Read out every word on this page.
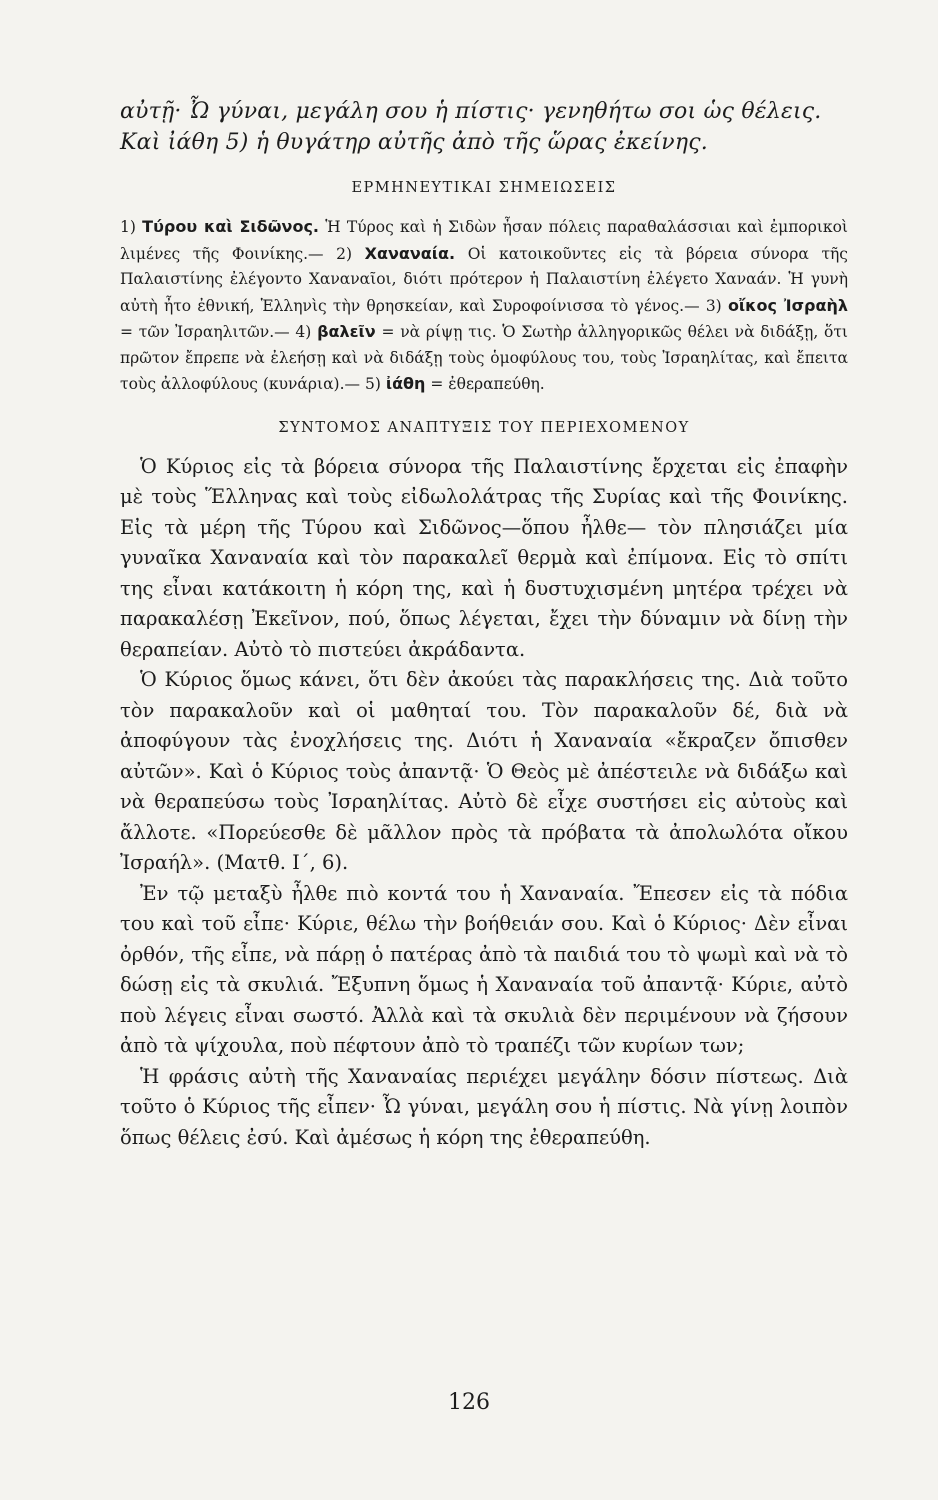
αὐτῇ· Ὦ γύναι, μεγάλη σου ἡ πίστις· γενηθήτω σοι ὡς θέλεις.

Καὶ ἰάθη 5) ἡ θυγάτηρ αὐτῆς ἀπὸ τῆς ὥρας ἐκείνης.

ΕΡΜΗΝΕΥΤΙΚΑΙ ΣΗΜΕΙΩΣΕΙΣ

1) Τύρου καὶ Σιδῶνος. Ἡ Τύρος καὶ ἡ Σιδὼν ἦσαν πόλεις παραθαλάσσιαι καὶ ἐμπορικοὶ λιμένες τῆς Φοινίκης.— 2) Χαναναία. Οἱ κατοικοῦντες εἰς τὰ βόρεια σύνορα τῆς Παλαιστίνης ἐλέγοντο Χαναναῖοι, διότι πρότερον ἡ Παλαιστίνη ἐλέγετο Χαναάν. Ἡ γυνὴ αὐτὴ ἦτο ἐθνική, Ἑλληνὶς τὴν θρησκείαν, καὶ Συροφοίνισσα τὸ γένος.— 3) οἴκος Ἰσραὴλ = τῶν Ἰσραηλιτῶν.— 4) βαλεῖν = νὰ ρίψῃ τις. Ὁ Σωτὴρ ἀλληγορικῶς θέλει νὰ διδάξῃ, ὅτι πρῶτον ἔπρεπε νὰ ἐλεήσῃ καὶ νὰ διδάξῃ τοὺς ὁμοφύλους του, τοὺς Ἰσραηλίτας, καὶ ἔπειτα τοὺς ἀλλοφύλους (κυνάρια).— 5) ἰάθη = ἐθεραπεύθη.

ΣΥΝΤΟΜΟΣ ΑΝΑΠΤΥΞΙΣ ΤΟΥ ΠΕΡΙΕΧΟΜΕΝΟΥ

Ὁ Κύριος εἰς τὰ βόρεια σύνορα τῆς Παλαιστίνης ἔρχεται εἰς ἐπαφὴν μὲ τοὺς Ἕλληνας καὶ τοὺς εἰδωλολάτρας τῆς Συρίας καὶ τῆς Φοινίκης. Εἰς τὰ μέρη τῆς Τύρου καὶ Σιδῶνος—ὅπου ἦλθε— τὸν πλησιάζει μία γυναῖκα Χαναναία καὶ τὸν παρακαλεῖ θερμὰ καὶ ἐπίμονα. Εἰς τὸ σπίτι της εἶναι κατάκοιτη ἡ κόρη της, καὶ ἡ δυστυχισμένη μητέρα τρέχει νὰ παρακαλέσῃ Ἐκεῖνον, πού, ὅπως λέγεται, ἔχει τὴν δύναμιν νὰ δίνῃ τὴν θεραπείαν. Αὐτὸ τὸ πιστεύει ἀκράδαντα.

Ὁ Κύριος ὅμως κάνει, ὅτι δὲν ἀκούει τὰς παρακλήσεις της. Διὰ τοῦτο τὸν παρακαλοῦν καὶ οἱ μαθηταί του. Τὸν παρακαλοῦν δέ, διὰ νὰ ἀποφύγουν τὰς ἐνοχλήσεις της. Διότι ἡ Χαναναία «ἔκραζεν ὄπισθεν αὐτῶν». Καὶ ὁ Κύριος τοὺς ἀπαντᾷ· Ὁ Θεὸς μὲ ἀπέστειλε νὰ διδάξω καὶ νὰ θεραπεύσω τοὺς Ἰσραηλίτας. Αὐτὸ δὲ εἶχε συστήσει εἰς αὐτοὺς καὶ ἄλλοτε. «Πορεύεσθε δὲ μᾶλλον πρὸς τὰ πρόβατα τὰ ἀπολωλότα οἴκου Ἰσραήλ». (Ματθ. Ι΄, 6).

Ἐν τῷ μεταξὺ ἦλθε πιὸ κοντά του ἡ Χαναναία. Ἔπεσεν εἰς τὰ πόδια του καὶ τοῦ εἶπε· Κύριε, θέλω τὴν βοήθειάν σου. Καὶ ὁ Κύριος· Δὲν εἶναι ὀρθόν, τῆς εἶπε, νὰ πάρῃ ὁ πατέρας ἀπὸ τὰ παιδιά του τὸ ψωμὶ καὶ νὰ τὸ δώσῃ εἰς τὰ σκυλιά. Ἔξυπνη ὅμως ἡ Χαναναία τοῦ ἀπαντᾷ· Κύριε, αὐτὸ ποὺ λέγεις εἶναι σωστό. Ἀλλὰ καὶ τὰ σκυλιὰ δὲν περιμένουν νὰ ζήσουν ἀπὸ τὰ ψίχουλα, ποὺ πέφτουν ἀπὸ τὸ τραπέζι τῶν κυρίων των;

Ἡ φράσις αὐτὴ τῆς Χαναναίας περιέχει μεγάλην δόσιν πίστεως. Διὰ τοῦτο ὁ Κύριος τῆς εἶπεν· Ὦ γύναι, μεγάλη σου ἡ πίστις. Νὰ γίνῃ λοιπὸν ὅπως θέλεις ἐσύ. Καὶ ἀμέσως ἡ κόρη της ἐθεραπεύθη.

126
